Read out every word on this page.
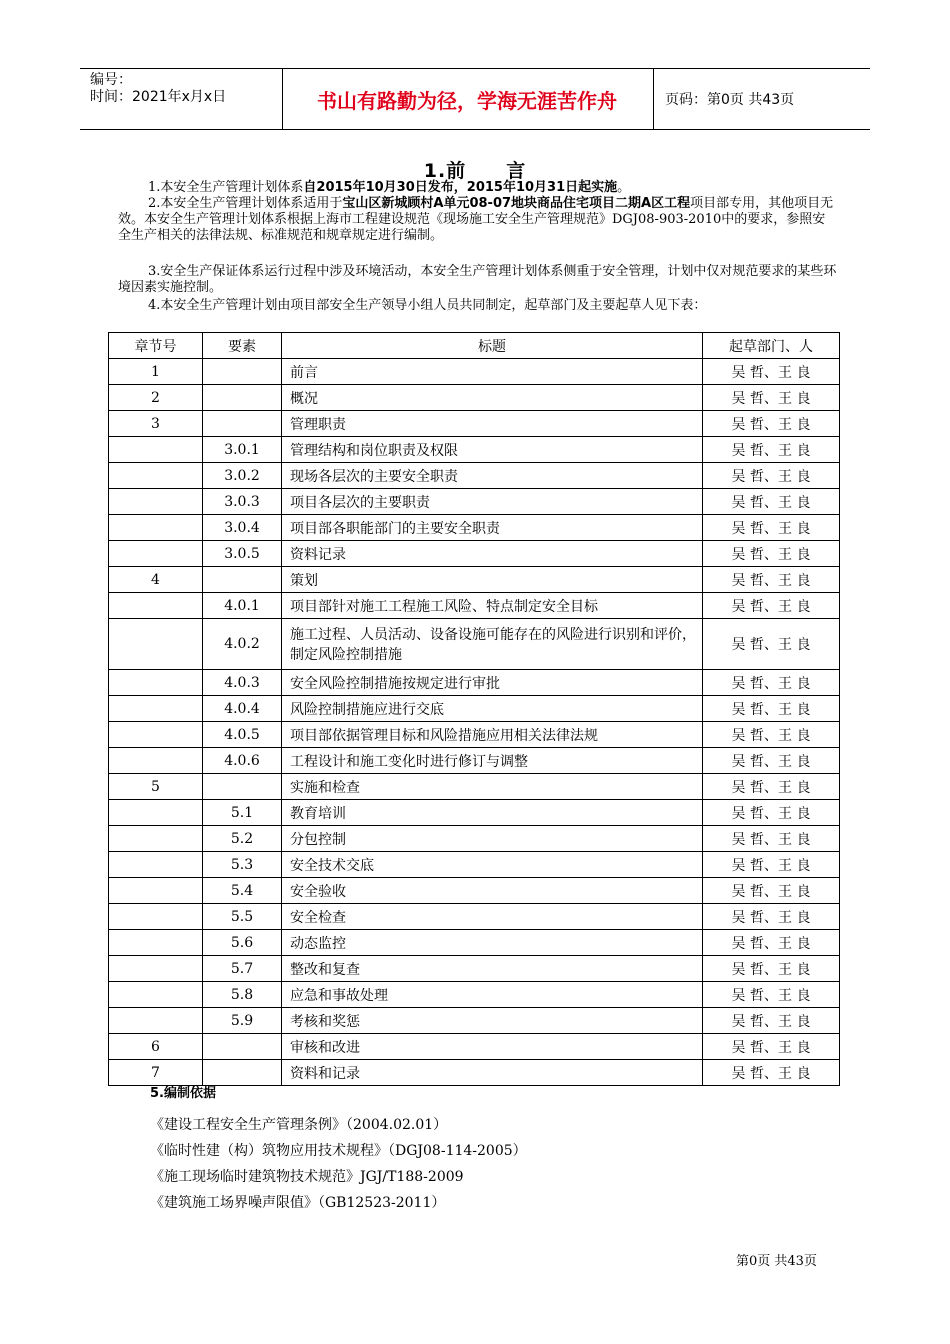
编号：
时间：2021年x月x日	书山有路勤为径，学海无涯苦作舟	页码：第0页 共43页
1.前　　言
1.本安全生产管理计划体系自2015年10月30日发布，2015年10月31日起实施。
2.本安全生产管理计划体系适用于宝山区新城顾村A单元08-07地块商品住宅项目二期A区工程项目部专用，其他项目无效。本安全生产管理计划体系根据上海市工程建设规范《现场施工安全生产管理规范》DGJ08-903-2010中的要求，参照安全生产相关的法律法规、标准规范和规章规定进行编制。
3.安全生产保证体系运行过程中涉及环境活动，本安全生产管理计划体系侧重于安全管理，计划中仅对规范要求的某些环境因素实施控制。
4.本安全生产管理计划由项目部安全生产领导小组人员共同制定，起草部门及主要起草人见下表：
章节号	要素	标题	起草部门、人
1		前言	吴 哲、王 良
2		概况	吴 哲、王 良
3		管理职责	吴 哲、王 良
	3.0.1	管理结构和岗位职责及权限	吴 哲、王 良
	3.0.2	现场各层次的主要安全职责	吴 哲、王 良
	3.0.3	项目各层次的主要职责	吴 哲、王 良
	3.0.4	项目部各职能部门的主要安全职责	吴 哲、王 良
	3.0.5	资料记录	吴 哲、王 良
4		策划	吴 哲、王 良
	4.0.1	项目部针对施工工程施工风险、特点制定安全目标	吴 哲、王 良
	4.0.2	施工过程、人员活动、设备设施可能存在的风险进行识别和评价，制定风险控制措施	吴 哲、王 良
	4.0.3	安全风险控制措施按规定进行审批	吴 哲、王 良
	4.0.4	风险控制措施应进行交底	吴 哲、王 良
	4.0.5	项目部依据管理目标和风险措施应用相关法律法规	吴 哲、王 良
	4.0.6	工程设计和施工变化时进行修订与调整	吴 哲、王 良
5		实施和检查	吴 哲、王 良
	5.1	教育培训	吴 哲、王 良
	5.2	分包控制	吴 哲、王 良
	5.3	安全技术交底	吴 哲、王 良
	5.4	安全验收	吴 哲、王 良
	5.5	安全检查	吴 哲、王 良
	5.6	动态监控	吴 哲、王 良
	5.7	整改和复查	吴 哲、王 良
	5.8	应急和事故处理	吴 哲、王 良
	5.9	考核和奖惩	吴 哲、王 良
6		审核和改进	吴 哲、王 良
7		资料和记录	吴 哲、王 良
5.编制依据
《建设工程安全生产管理条例》（2004.02.01）
《临时性建（构）筑物应用技术规程》（DGJ08-114-2005）
《施工现场临时建筑物技术规范》JGJ/T188-2009
《建筑施工场界噪声限值》（GB12523-2011）
第0页 共43页
